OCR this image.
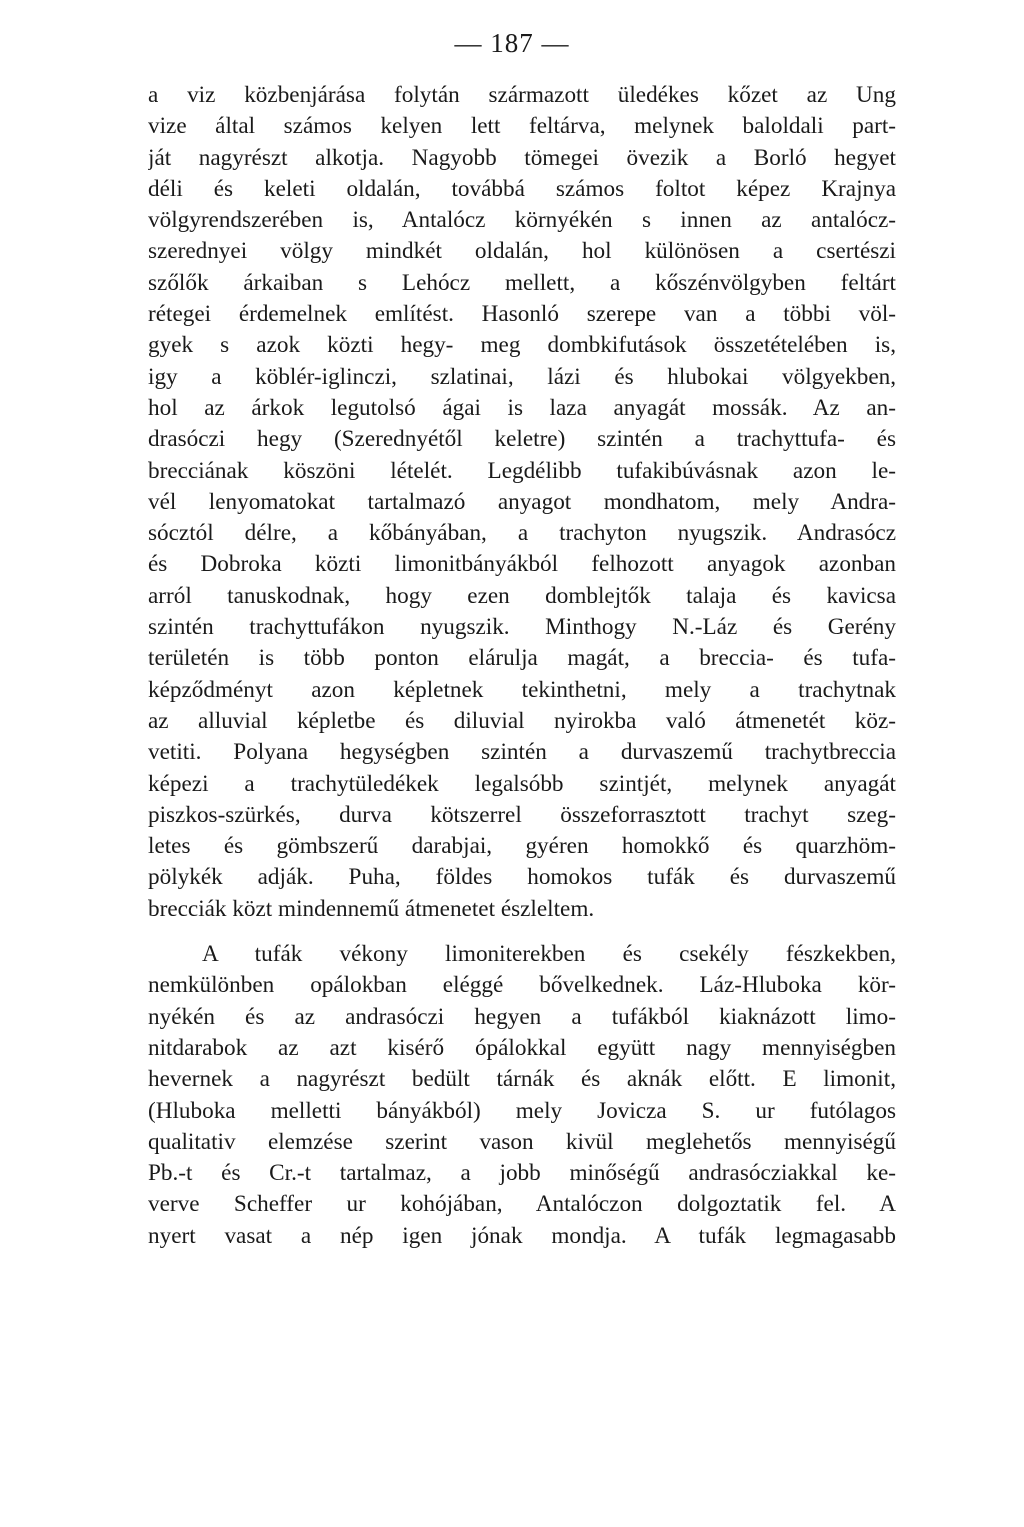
— 187 —
a viz közbenjárása folytán származott üledékes kőzet az Ung
vize által számos kelyen lett feltárva, melynek baloldali part-
ját nagyrészt alkotja. Nagyobb tömegei övezik a Borló hegyet
déli és keleti oldalán, továbbá számos foltot képez Krajnya
völgyrendszerében is, Antalócz környékén s innen az antalócz-
szerednyei völgy mindkét oldalán, hol különösen a csertészi
szőlők árkaiban s Lehócz mellett, a kőszénvölgyben feltárt
rétegei érdemelnek említést. Hasonló szerepe van a többi völ-
gyek s azok közti hegy- meg dombkifutások összetételében is,
igy a köblér-iglinczi, szlatinai, lázi és hlubokai völgyekben,
hol az árkok legutolsó ágai is laza anyagát mossák. Az an-
drasóczi hegy (Szerednyétől keletre) szintén a trachyttufa- és
brecciának köszöni lételét. Legdélibb tufakibúvásnak azon le-
vél lenyomatokat tartalmazó anyagot mondhatom, mely Andra-
sócztól délre, a kőbányában, a trachyton nyugszik. Andrasócz
és Dobroka közti limonitbányákból felhozott anyagok azonban
arról tanuskodnak, hogy ezen domblejtők talaja és kavicsa
szintén trachyttufákon nyugszik. Minthogy N.-Láz és Gerény
területén is több ponton elárulja magát, a breccia- és tufa-
képződményt azon képletnek tekinthetni, mely a trachytnak
az alluvial képletbe és diluvial nyirokba való átmenetét köz-
vetiti. Polyana hegységben szintén a durvaszemű trachytbreccia
képezi a trachytüledékek legalsóbb szintjét, melynek anyagát
piszkos-szürkés, durva kötszerrel összeforrasztott trachyt szeg-
letes és gömbszerű darabjai, gyéren homokkő és quarzhöm-
pölykék adják. Puha, földes homokos tufák és durvaszemű
brecciák közt mindennemű átmenetet észleltem.
A tufák vékony limoniterekben és csekély fészkekben,
nemkülönben opálokban eléggé bővelkednek. Láz-Hluboka kör-
nyékén és az andrasóczi hegyen a tufákból kiaknázott limo-
nitdarabok az azt kisérő ópálokkal együtt nagy mennyiségben
hevernek a nagyrészt bedült tárnák és aknák előtt. E limonit,
(Hluboka melletti bányákból) mely Jovicza S. ur futólagos
qualitativ elemzése szerint vason kivül meglehetős mennyiségű
Pb.-t és Cr.-t tartalmaz, a jobb minőségű andrasócziakkal ke-
verve Scheffer ur kohójában, Antalóczon dolgoztatik fel. A
nyert vasat a nép igen jónak mondja. A tufák legmagasabb
